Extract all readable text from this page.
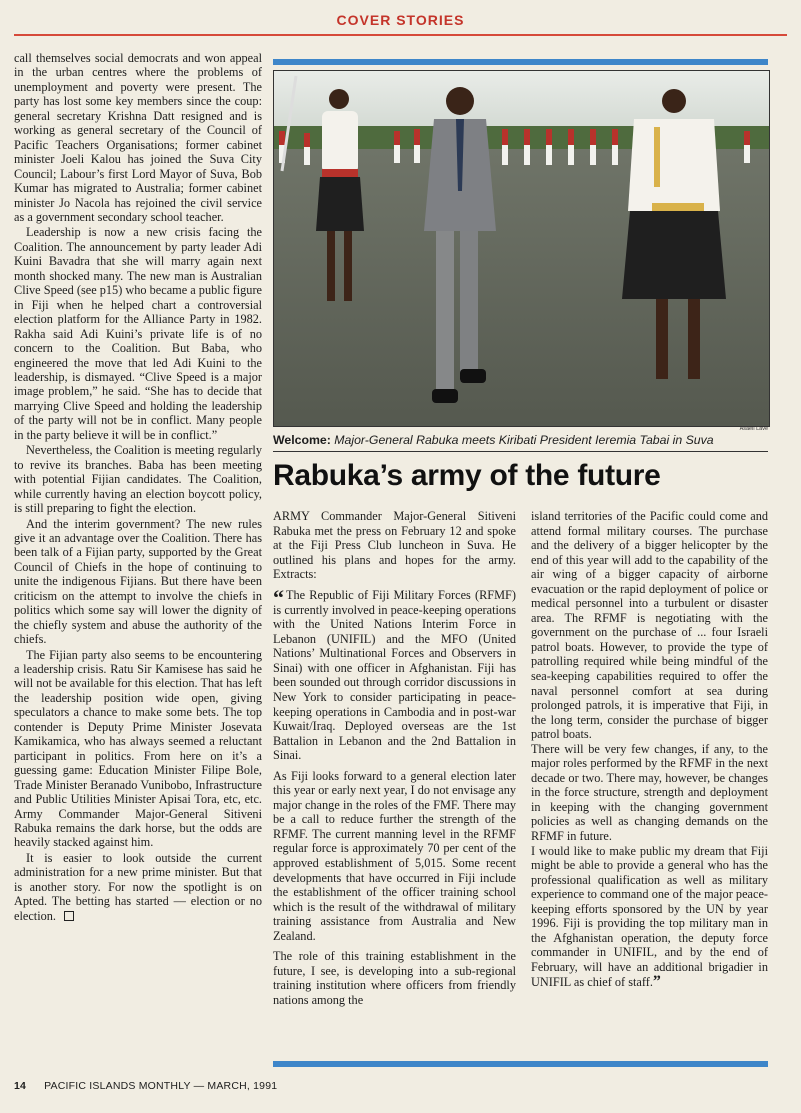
COVER STORIES

call themselves social democrats and won appeal in the urban centres where the problems of unemployment and poverty were present. The party has lost some key members since the coup: general secretary Krishna Datt resigned and is working as general secretary of the Council of Pacific Teachers Organisations; former cabinet minister Joeli Kalou has joined the Suva City Council; Labour’s first Lord Mayor of Suva, Bob Kumar has migrated to Australia; former cabinet minister Jo Nacola has rejoined the civil service as a government secondary school teacher.

Leadership is now a new crisis facing the Coalition. The announcement by party leader Adi Kuini Bavadra that she will marry again next month shocked many. The new man is Australian Clive Speed (see p15) who became a public figure in Fiji when he helped chart a controversial election platform for the Alliance Party in 1982. Rakha said Adi Kuini’s private life is of no concern to the Coalition. But Baba, who engineered the move that led Adi Kuini to the leadership, is dismayed. “Clive Speed is a major image problem,” he said. “She has to decide that marrying Clive Speed and holding the leadership of the party will not be in conflict. Many people in the party believe it will be in conflict.”

Nevertheless, the Coalition is meeting regularly to revive its branches. Baba has been meeting with potential Fijian candidates. The Coalition, while currently having an election boycott policy, is still preparing to fight the election.

And the interim government? The new rules give it an advantage over the Coalition. There has been talk of a Fijian party, supported by the Great Council of Chiefs in the hope of continuing to unite the indigenous Fijians. But there have been criticism on the attempt to involve the chiefs in politics which some say will lower the dignity of the chiefly system and abuse the authority of the chiefs.

The Fijian party also seems to be encountering a leadership crisis. Ratu Sir Kamisese has said he will not be available for this election. That has left the leadership position wide open, giving speculators a chance to make some bets. The top contender is Deputy Prime Minister Josevata Kamikamica, who has always seemed a reluctant participant in politics. From here on it’s a guessing game: Education Minister Filipe Bole, Trade Minister Beranado Vunibobo, Infrastructure and Public Utilities Minister Apisai Tora, etc, etc. Army Commander Major-General Sitiveni Rabuka remains the dark horse, but the odds are heavily stacked against him.

It is easier to look outside the current administration for a new prime minister. But that is another story. For now the spotlight is on Apted. The betting has started — election or no election.

Asaeli Lave
Welcome: Major-General Rabuka meets Kiribati President Ieremia Tabai in Suva
Rabuka’s army of the future

ARMY Commander Major-General Sitiveni Rabuka met the press on February 12 and spoke at the Fiji Press Club luncheon in Suva. He outlined his plans and hopes for the army. Extracts:

“ The Republic of Fiji Military Forces (RFMF) is currently involved in peace-keeping operations with the United Nations Interim Force in Lebanon (UNIFIL) and the MFO (United Nations’ Multinational Forces and Observers in Sinai) with one officer in Afghanistan. Fiji has been sounded out through corridor discussions in New York to consider participating in peace-keeping operations in Cambodia and in post-war Kuwait/Iraq. Deployed overseas are the 1st Battalion in Lebanon and the 2nd Battalion in Sinai.

As Fiji looks forward to a general election later this year or early next year, I do not envisage any major change in the roles of the FMF. There may be a call to reduce further the strength of the RFMF. The current manning level in the RFMF regular force is approximately 70 per cent of the approved establishment of 5,015. Some recent developments that have occurred in Fiji include the establishment of the officer training school which is the result of the withdrawal of military training assistance from Australia and New Zealand.

The role of this training establishment in the future, I see, is developing into a sub-regional training institution where officers from friendly nations among the

island territories of the Pacific could come and attend formal military courses. The purchase and the delivery of a bigger helicopter by the end of this year will add to the capability of the air wing of a bigger capacity of airborne evacuation or the rapid deployment of police or medical personnel into a turbulent or disaster area. The RFMF is negotiating with the government on the purchase of ... four Israeli patrol boats. However, to provide the type of patrolling required while being mindful of the sea-keeping capabilities required to offer the naval personnel comfort at sea during prolonged patrols, it is imperative that Fiji, in the long term, consider the purchase of bigger patrol boats.

There will be very few changes, if any, to the major roles performed by the RFMF in the next decade or two. There may, however, be changes in the force structure, strength and deployment in keeping with the changing government policies as well as changing demands on the RFMF in future.

I would like to make public my dream that Fiji might be able to provide a general who has the professional qualification as well as military experience to command one of the major peace-keeping efforts sponsored by the UN by year 1996. Fiji is providing the top military man in the Afghanistan operation, the deputy force commander in UNIFIL, and by the end of February, will have an additional brigadier in UNIFIL as chief of staff.”

14 PACIFIC ISLANDS MONTHLY — MARCH, 1991
